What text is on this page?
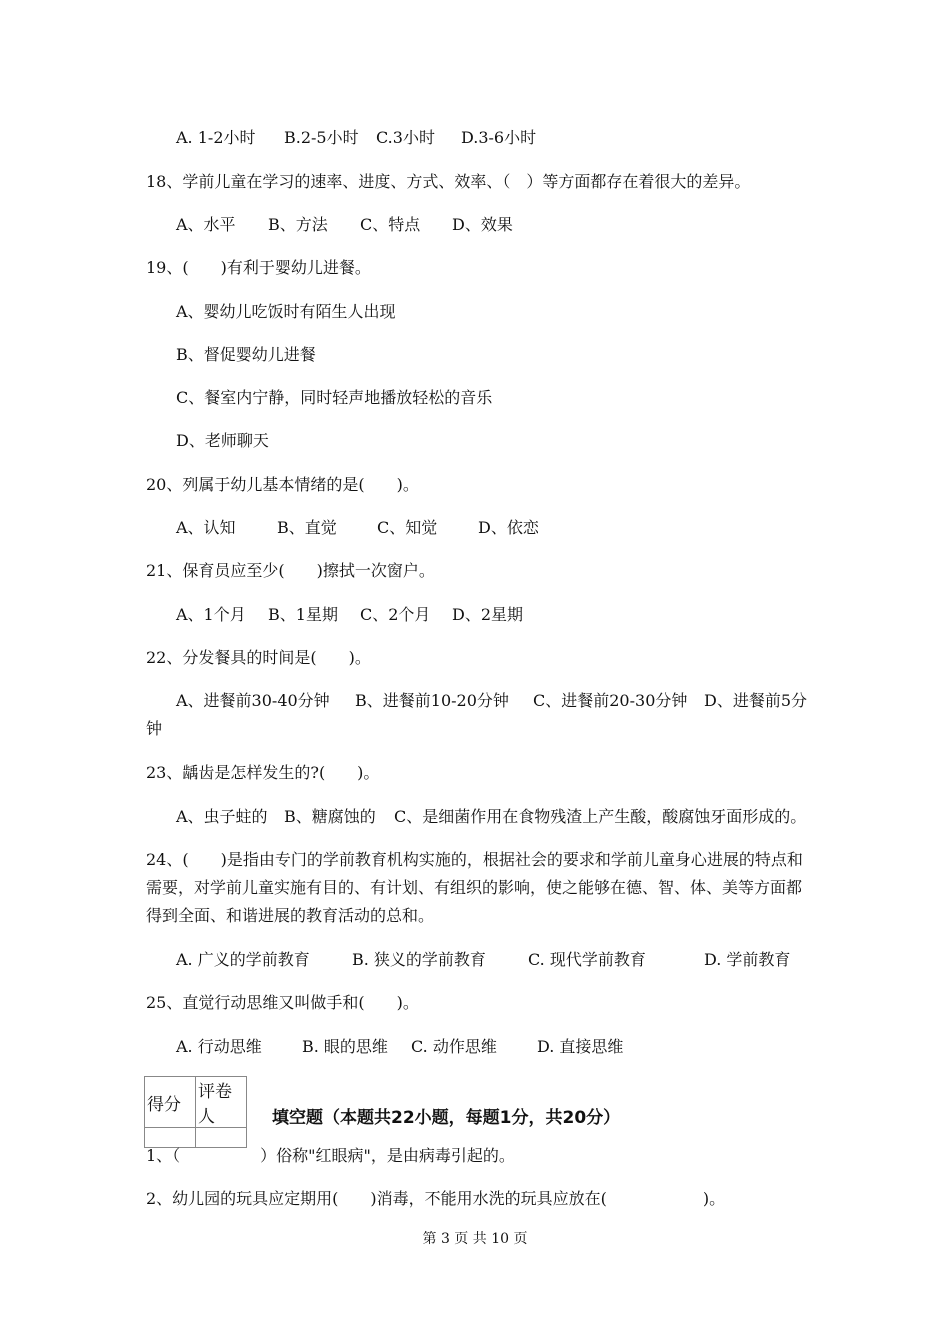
A. 1-2小时 B.2-5小时 C.3小时 D.3-6小时
18、学前儿童在学习的速率、进度、方式、效率、（　）等方面都存在着很大的差异。
A、水平 B、方法 C、特点 D、效果
19、(　　)有利于婴幼儿进餐。
A、婴幼儿吃饭时有陌生人出现
B、督促婴幼儿进餐
C、餐室内宁静，同时轻声地播放轻松的音乐
D、老师聊天
20、列属于幼儿基本情绪的是(　　)。
A、认知	B、直觉	C、知觉	D、依恋
21、保育员应至少(　　)擦拭一次窗户。
A、1个月 B、1星期 C、2个月 D、2星期
22、分发餐具的时间是(　　)。
A、进餐前30-40分钟 B、进餐前10-20分钟 C、进餐前20-30分钟 D、进餐前5分
钟
23、龋齿是怎样发生的?(　　)。
A、虫子蛀的 B、糖腐蚀的 C、是细菌作用在食物残渣上产生酸，酸腐蚀牙面形成的。
24、(　　)是指由专门的学前教育机构实施的，根据社会的要求和学前儿童身心进展的特点和需要，对学前儿童实施有目的、有计划、有组织的影响，使之能够在德、智、体、美等方面都得到全面、和谐进展的教育活动的总和。
A. 广义的学前教育	B. 狭义的学前教育	C. 现代学前教育	D. 学前教育
25、直觉行动思维又叫做手和(　　)。
A. 行动思维	B. 眼的思维 C. 动作思维	D. 直接思维
得分	评卷人
		填空题（本题共22小题，每题1分，共20分）
1、（　　　　　）俗称"红眼病"，是由病毒引起的。
2、幼儿园的玩具应定期用(　　)消毒，不能用水洗的玩具应放在(　　　　　　)。
第 3 页 共 10 页
